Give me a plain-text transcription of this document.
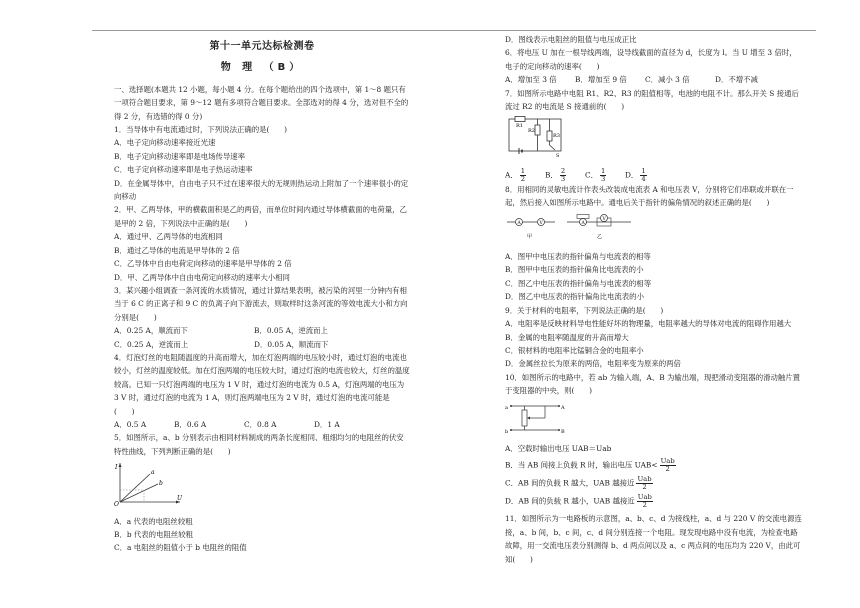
第十一单元达标检测卷
物 理 （B）

一、选择题(本题共 12 小题，每小题 4 分。在每个题给出的四个选项中，第 1～8 题只有一项符合题目要求，第 9～12 题有多项符合题目要求。全部选对的得 4 分，选对但不全的得 2 分，有选错的得 0 分)

1．当导体中有电流通过时，下列说法正确的是(　　)

A．电子定向移动速率接近光速

B．电子定向移动速率即是电场传导速率

C．电子定向移动速率即是电子热运动速率

D．在金属导体中，自由电子只不过在速率很大的无规则热运动上附加了一个速率很小的定向移动

2．甲、乙两导体，甲的横截面积是乙的两倍，而单位时间内通过导体横截面的电荷量，乙是甲的 2 倍，下列说法中正确的是(　　)

A．通过甲、乙两导体的电流相同

B．通过乙导体的电流是甲导体的 2 倍

C．乙导体中自由电荷定向移动的速率是甲导体的 2 倍

D．甲、乙两导体中自由电荷定向移动的速率大小相同

3．某兴趣小组调查一条河流的水质情况，通过计算结果表明，被污染的河里一分钟内有相当于 6 C 的正离子和 9 C 的负离子向下游流去，则取样时这条河流的等效电流大小和方向分别是(　　)

A．0.25 A，顺流而下	B．0.05 A，逆流而上
C．0.25 A，逆流而上	D．0.05 A，顺流而下

4．灯泡灯丝的电阻随温度的升高而增大，加在灯泡两端的电压较小时，通过灯泡的电流也较小，灯丝的温度较低。加在灯泡两端的电压较大时，通过灯泡的电流也较大，灯丝的温度较高。已知一只灯泡两端的电压为 1 V 时，通过灯泡的电流为 0.5 A，灯泡两端的电压为 3 V 时，通过灯泡的电流为 1 A，则灯泡两端电压为 2 V 时，通过灯泡的电流可能是(　　)

A．0.5 A	B．0.6 A	C．0.8 A	D．1 A

5．如图所示，a、b 分别表示由相同材料制成的两条长度相同、粗细均匀的电阻丝的伏安特性曲线，下列判断正确的是(　　)

I
U
O
a
b

A．a 代表的电阻丝较粗

B．b 代表的电阻丝较粗

C．a 电阻丝的阻值小于 b 电阻丝的阻值

D．图线表示电阻丝的阻值与电压成正比

6．将电压 U 加在一根导线两端，设导线截面的直径为 d，长度为 l。当 U 增至 3 倍时，电子的定向移动的速率(　　)

A．增加至 3 倍	B．增加至 9 倍	C．减小 3 倍	D．不增不减

7．如图所示电路中电阻 R1、R2、R3 的阻值相等，电池的电阻不计。那么开关 S 接通后流过 R2 的电流是 S 接通前的(　　)

R1
R2
R3
S
A． $\frac{1}{2}$	B． $\frac{2}{3}$	C． $\frac{1}{3}$	D． $\frac{1}{4}$

8．用相同的灵敏电流计作表头改装成电流表 A 和电压表 V，分别将它们串联或并联在一起，然后接入如图所示电路中。通电后关于指针的偏角情况的叙述正确的是(　　)

A	V
甲
A
V
乙

A．图甲中电压表的指针偏角与电流表的相等

B．图甲中电压表的指针偏角比电流表的小

C．图乙中电压表的指针偏角与电流表的相等

D．图乙中电压表的指针偏角比电流表的小

9．关于材料的电阻率，下列说法正确的是(　　)

A．电阻率是反映材料导电性能好坏的物理量，电阻率越大的导体对电流的阻碍作用越大

B．金属的电阻率随温度的升高而增大

C．银材料的电阻率比锰铜合金的电阻率小

D．金属丝拉长为原来的两倍，电阻率变为原来的两倍

10．如图所示的电路中，若 ab 为输入端，A、B 为输出端，现把滑动变阻器的滑动触片置于变阻器的中央，则(　　)

a
b
A
B

A．空载时输出电压 UAB＝Uab

B．当 AB 间接上负载 R 时，输出电压 $UAB< \frac{\text{Uab}}{2}$

C．AB 间的负载 R 越大，UAB 越接近 $\frac{\text{Uab}}{2}$

D．AB 间的负载 R 越小，UAB 越接近 $\frac{\text{Uab}}{2}$

11．如图所示为一电路板的示意图，a、b、c、d 为接线柱，a、d 与 220 V 的交流电源连接，a、b 间，b、c 间，c、d 间分别连接一个电阻。现发现电路中没有电流，为检查电路故障，用一交流电压表分别测得 b、d 两点间以及 a、c 两点间的电压均为 220 V，由此可知(　　)
